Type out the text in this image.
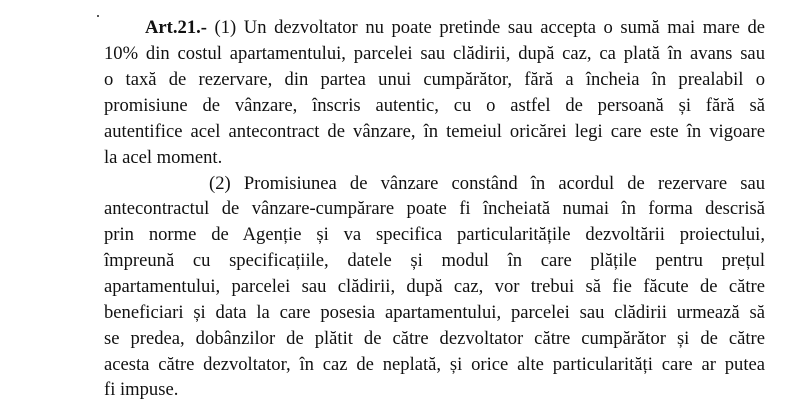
Art.21.- (1) Un dezvoltator nu poate pretinde sau accepta o sumă mai mare de
10% din costul apartamentului, parcelei sau clădirii, după caz, ca plată în avans sau
o taxă de rezervare, din partea unui cumpărător, fără a încheia în prealabil o
promisiune de vânzare, înscris autentic, cu o astfel de persoană și fără să
autentifice acel antecontract de vânzare, în temeiul oricărei legi care este în vigoare
la acel moment.
(2) Promisiunea de vânzare constând în acordul de rezervare sau
antecontractul de vânzare-cumpărare poate fi încheiată numai în forma descrisă
prin norme de Agenție și va specifica particularitățile dezvoltării proiectului,
împreună cu specificațiile, datele și modul în care plățile pentru prețul
apartamentului, parcelei sau clădirii, după caz, vor trebui să fie făcute de către
beneficiari și data la care posesia apartamentului, parcelei sau clădirii urmează să
se predea, dobânzilor de plătit de către dezvoltator către cumpărător și de către
acesta către dezvoltator, în caz de neplată, și orice alte particularități care ar putea
fi impuse.
